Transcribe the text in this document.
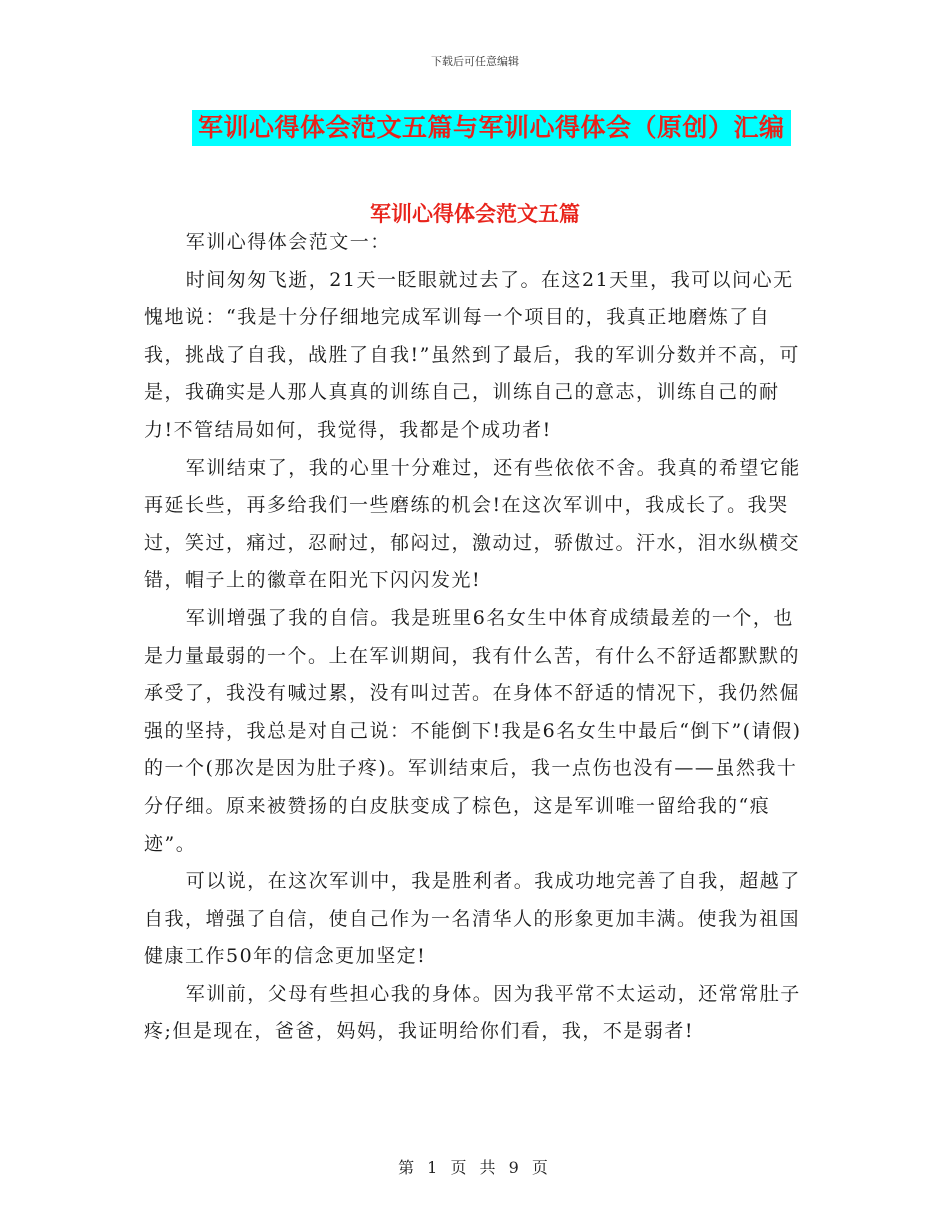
下载后可任意编辑
军训心得体会范文五篇与军训心得体会（原创）汇编
军训心得体会范文五篇

军训心得体会范文一：

时间匆匆飞逝，21天一眨眼就过去了。在这21天里，我可以问心无愧地说：“我是十分仔细地完成军训每一个项目的，我真正地磨炼了自我，挑战了自我，战胜了自我!”虽然到了最后，我的军训分数并不高，可是，我确实是人那人真真的训练自己，训练自己的意志，训练自己的耐力!不管结局如何，我觉得，我都是个成功者!

军训结束了，我的心里十分难过，还有些依依不舍。我真的希望它能再延长些，再多给我们一些磨练的机会!在这次军训中，我成长了。我哭过，笑过，痛过，忍耐过，郁闷过，激动过，骄傲过。汗水，泪水纵横交错，帽子上的徽章在阳光下闪闪发光!

军训增强了我的自信。我是班里6名女生中体育成绩最差的一个，也是力量最弱的一个。上在军训期间，我有什么苦，有什么不舒适都默默的承受了，我没有喊过累，没有叫过苦。在身体不舒适的情况下，我仍然倔强的坚持，我总是对自己说：不能倒下!我是6名女生中最后“倒下”(请假)的一个(那次是因为肚子疼)。军训结束后，我一点伤也没有——虽然我十分仔细。原来被赞扬的白皮肤变成了棕色，这是军训唯一留给我的“痕迹”。

可以说，在这次军训中，我是胜利者。我成功地完善了自我，超越了自我，增强了自信，使自己作为一名清华人的形象更加丰满。使我为祖国健康工作50年的信念更加坚定!

军训前，父母有些担心我的身体。因为我平常不太运动，还常常肚子疼;但是现在，爸爸，妈妈，我证明给你们看，我，不是弱者!

第 1 页 共 9 页
